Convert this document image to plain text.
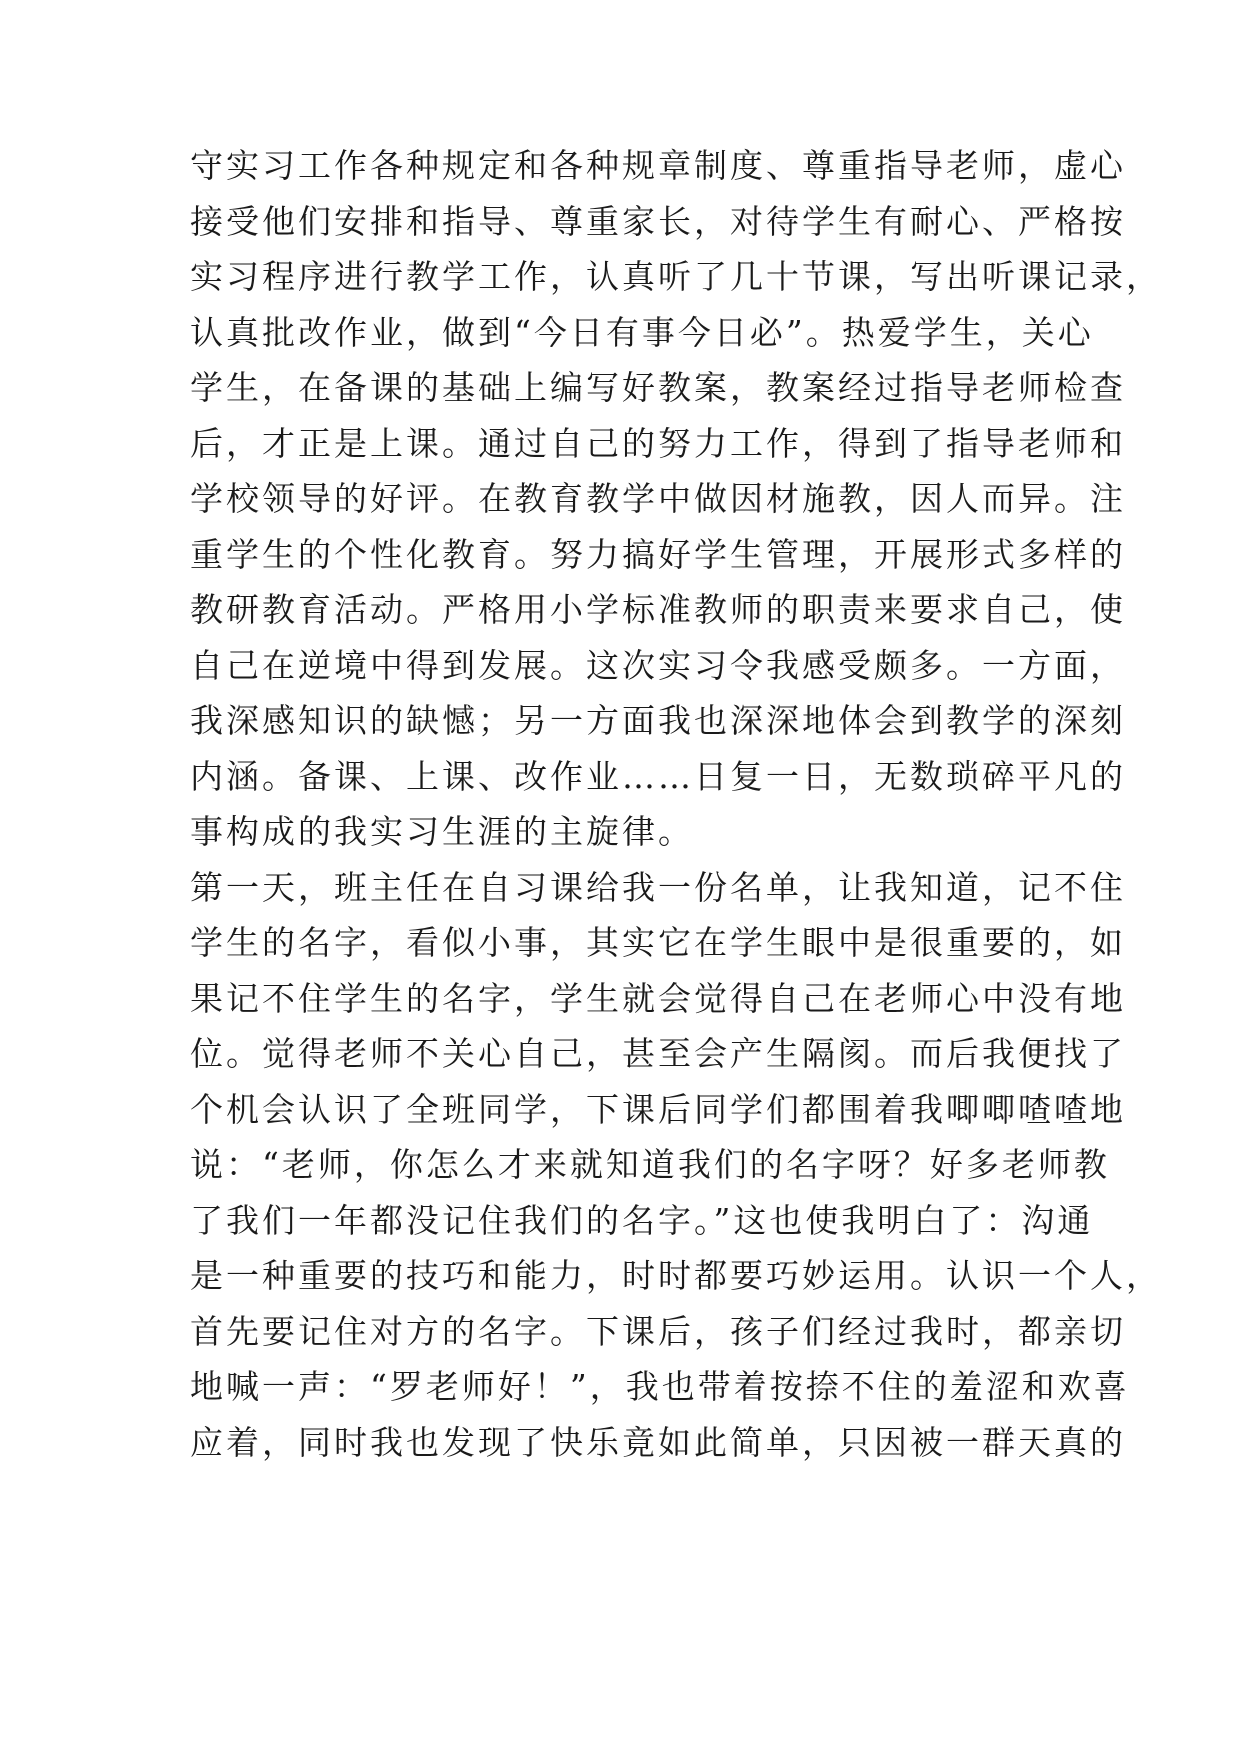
守实习工作各种规定和各种规章制度、尊重指导老师，虚心
接受他们安排和指导、尊重家长，对待学生有耐心、严格按
实习程序进行教学工作，认真听了几十节课，写出听课记录，
认真批改作业，做到“今日有事今日必”。热爱学生，关心
学生，在备课的基础上编写好教案，教案经过指导老师检查
后，才正是上课。通过自己的努力工作，得到了指导老师和
学校领导的好评。在教育教学中做因材施教，因人而异。注
重学生的个性化教育。努力搞好学生管理，开展形式多样的
教研教育活动。严格用小学标准教师的职责来要求自己，使
自己在逆境中得到发展。这次实习令我感受颇多。一方面，
我深感知识的缺憾；另一方面我也深深地体会到教学的深刻
内涵。备课、上课、改作业……日复一日，无数琐碎平凡的
事构成的我实习生涯的主旋律。
第一天，班主任在自习课给我一份名单，让我知道，记不住
学生的名字，看似小事，其实它在学生眼中是很重要的，如
果记不住学生的名字，学生就会觉得自己在老师心中没有地
位。觉得老师不关心自己，甚至会产生隔阂。而后我便找了
个机会认识了全班同学，下课后同学们都围着我唧唧喳喳地
说：“老师，你怎么才来就知道我们的名字呀？好多老师教
了我们一年都没记住我们的名字。”这也使我明白了：沟通
是一种重要的技巧和能力，时时都要巧妙运用。认识一个人，
首先要记住对方的名字。下课后，孩子们经过我时，都亲切
地喊一声：“罗老师好！”，我也带着按捺不住的羞涩和欢喜
应着，同时我也发现了快乐竟如此简单，只因被一群天真的
